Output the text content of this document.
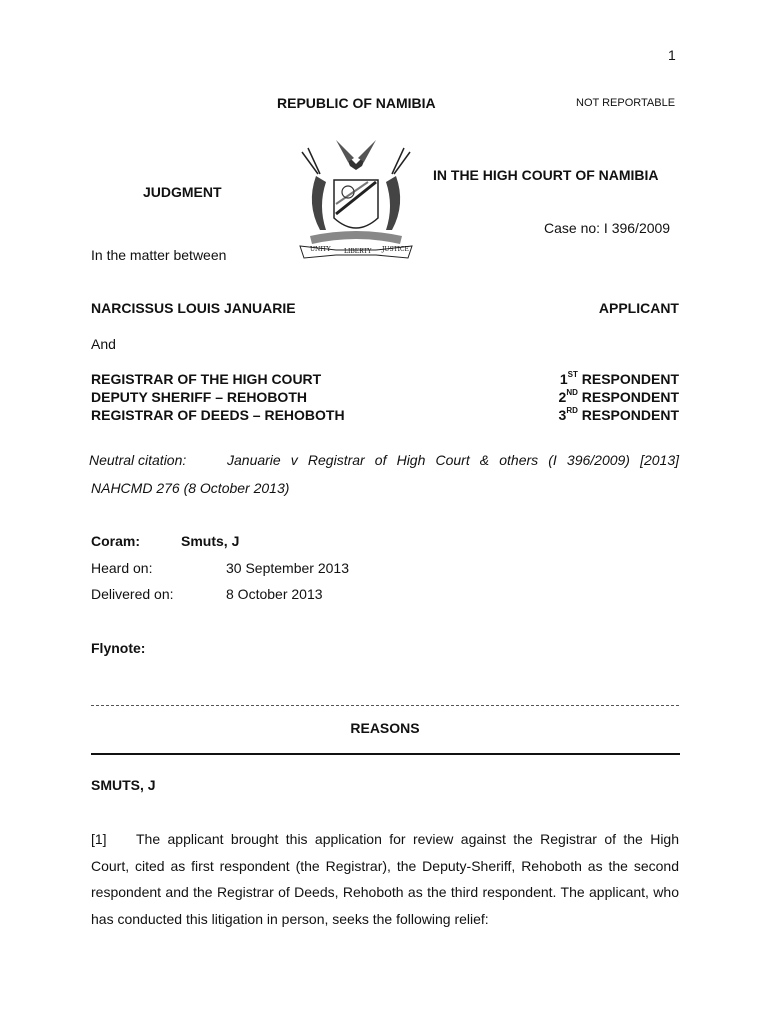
1
REPUBLIC OF NAMIBIA	NOT REPORTABLE
UNITY LIBERTY JUSTICE
IN THE HIGH COURT OF NAMIBIA
JUDGMENT
Case no: I 396/2009
In the matter between
NARCISSUS LOUIS JANUARIE	APPLICANT
And
REGISTRAR OF THE HIGH COURT	1ST RESPONDENT
DEPUTY SHERIFF – REHOBOTH	2ND RESPONDENT
REGISTRAR OF DEEDS – REHOBOTH	3RD RESPONDENT
Neutral citation:	Januarie v Registrar of High Court & others (I 396/2009) [2013]
NAHCMD 276 (8 October 2013)
Coram:	Smuts, J
Heard on:	30 September 2013
Delivered on:	8 October 2013
Flynote:
REASONS
SMUTS, J
[1] The applicant brought this application for review against the Registrar of the High Court, cited as first respondent (the Registrar), the Deputy-Sheriff, Rehoboth as the second respondent and the Registrar of Deeds, Rehoboth as the third respondent. The applicant, who has conducted this litigation in person, seeks the following relief:
